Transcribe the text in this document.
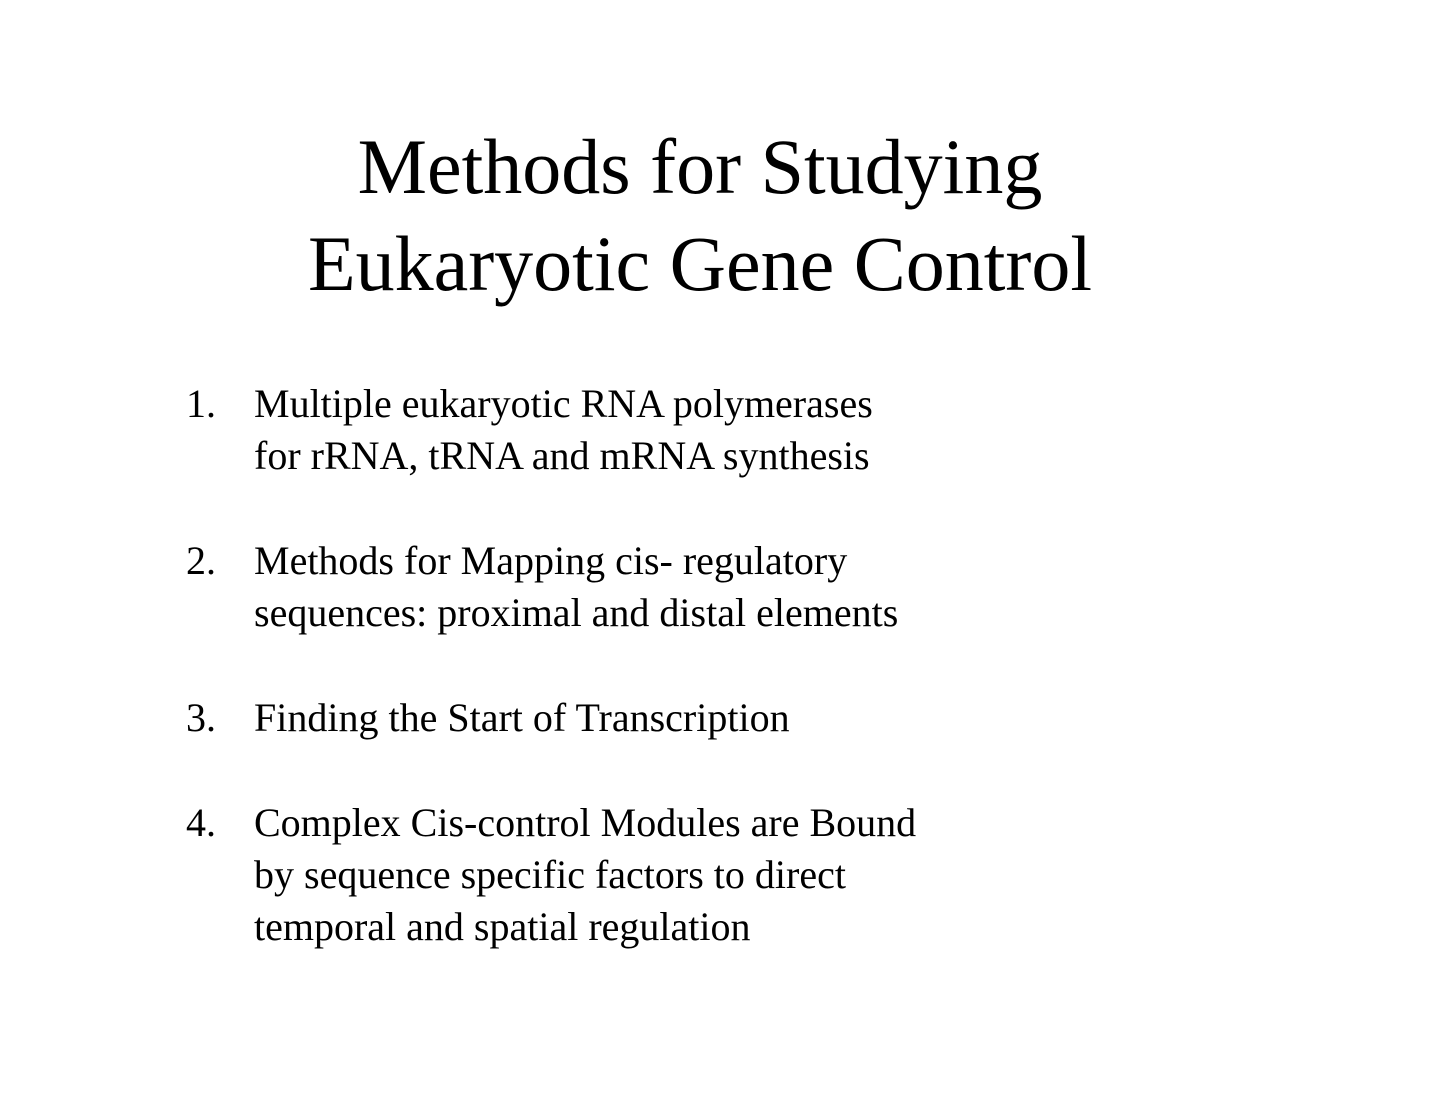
Methods for Studying
Eukaryotic Gene Control
1. Multiple eukaryotic RNA polymerases
for rRNA, tRNA and mRNA synthesis
2. Methods for Mapping cis- regulatory
sequences: proximal and distal elements
3. Finding the Start of Transcription
4. Complex Cis-control Modules are Bound
by sequence specific factors to direct
temporal and spatial regulation
